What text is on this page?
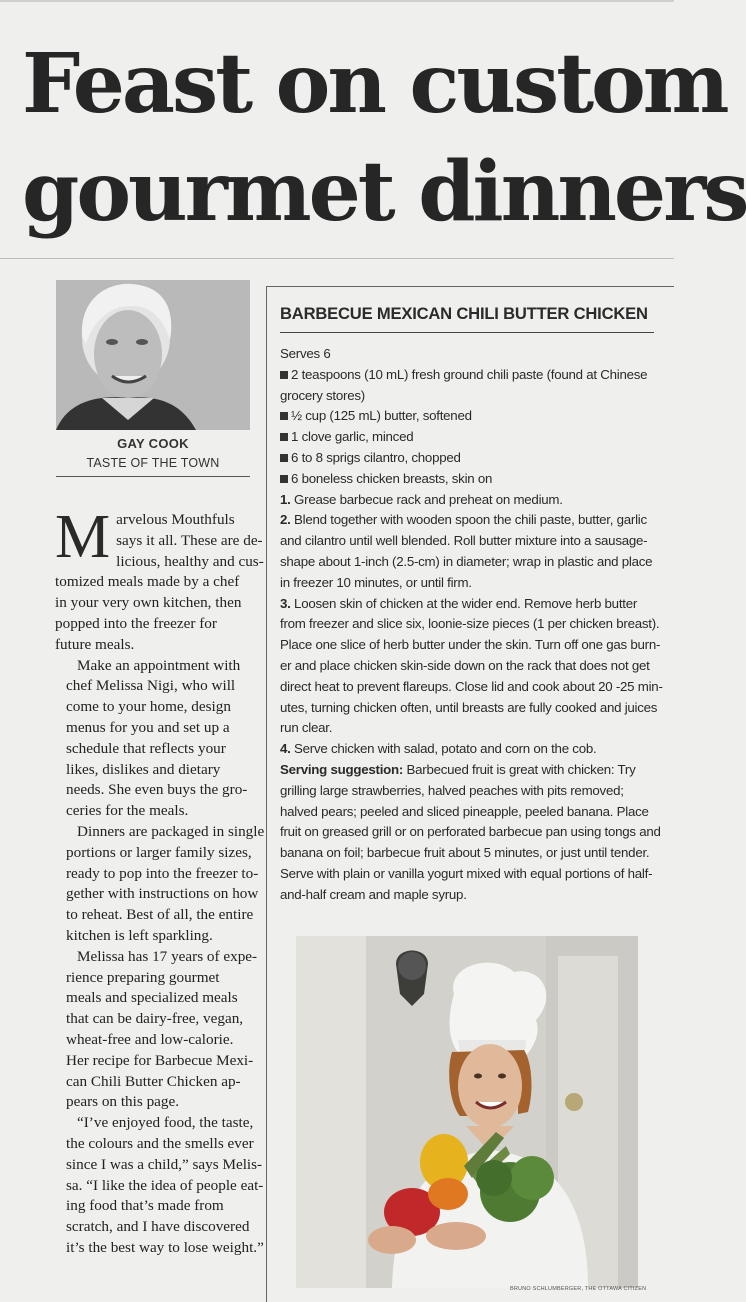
Feast on custom
gourmet dinners
GAY COOK
TASTE OF THE TOWN

M arvelous Mouthfuls
says it all. These are de-
licious, healthy and cus-
tomized meals made by a chef
in your very own kitchen, then
popped into the freezer for
future meals.

Make an appointment with
chef Melissa Nigi, who will
come to your home, design
menus for you and set up a
schedule that reflects your
likes, dislikes and dietary
needs. She even buys the gro-
ceries for the meals.

Dinners are packaged in single
portions or larger family sizes,
ready to pop into the freezer to-
gether with instructions on how
to reheat. Best of all, the entire
kitchen is left sparkling.

Melissa has 17 years of expe-
rience preparing gourmet
meals and specialized meals
that can be dairy-free, vegan,
wheat-free and low-calorie.
Her recipe for Barbecue Mexi-
can Chili Butter Chicken ap-
pears on this page.

“I’ve enjoyed food, the taste,
the colours and the smells ever
since I was a child,” says Melis-
sa. “I like the idea of people eat-
ing food that’s made from
scratch, and I have discovered
it’s the best way to lose weight.”

BARBECUE MEXICAN CHILI BUTTER CHICKEN
Serves 6
2 teaspoons (10 mL) fresh ground chili paste (found at Chinese
grocery stores)
½ cup (125 mL) butter, softened
1 clove garlic, minced
6 to 8 sprigs cilantro, chopped
6 boneless chicken breasts, skin on
1. Grease barbecue rack and preheat on medium.
2. Blend together with wooden spoon the chili paste, butter, garlic
and cilantro until well blended. Roll butter mixture into a sausage-
shape about 1-inch (2.5-cm) in diameter; wrap in plastic and place
in freezer 10 minutes, or until firm.
3. Loosen skin of chicken at the wider end. Remove herb butter
from freezer and slice six, loonie-size pieces (1 per chicken breast).
Place one slice of herb butter under the skin. Turn off one gas burn-
er and place chicken skin-side down on the rack that does not get
direct heat to prevent flareups. Close lid and cook about 20 -25 min-
utes, turning chicken often, until breasts are fully cooked and juices
run clear.
4. Serve chicken with salad, potato and corn on the cob.
Serving suggestion: Barbecued fruit is great with chicken: Try
grilling large strawberries, halved peaches with pits removed;
halved pears; peeled and sliced pineapple, peeled banana. Place
fruit on greased grill or on perforated barbecue pan using tongs and
banana on foil; barbecue fruit about 5 minutes, or just until tender.
Serve with plain or vanilla yogurt mixed with equal portions of half-
and-half cream and maple syrup.
BRUNO SCHLUMBERGER, THE OTTAWA CITIZEN
